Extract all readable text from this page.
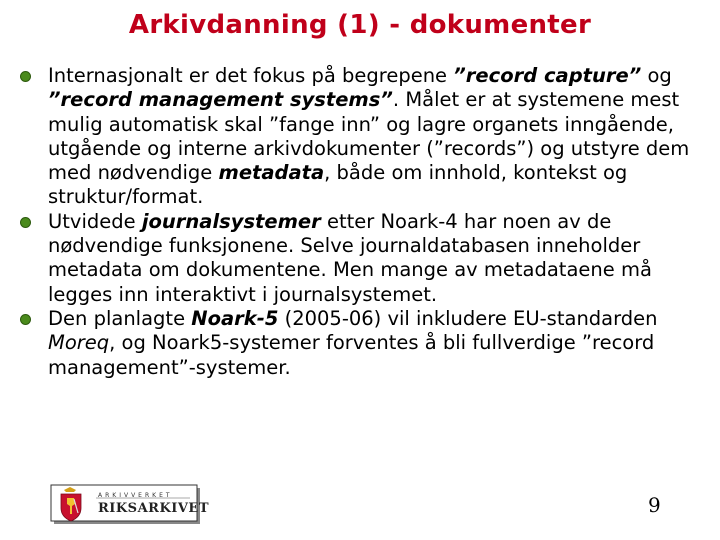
Arkivdanning (1) - dokumenter
Internasjonalt er det fokus på begrepene ”record capture” og ”record management systems”. Målet er at systemene mest mulig automatisk skal ”fange inn” og lagre organets inngående, utgående og interne arkivdokumenter (”records”) og utstyre dem med nødvendige metadata, både om innhold, kontekst og struktur/format.
Utvidede journalsystemer etter Noark-4 har noen av de nødvendige funksjonene. Selve journaldatabasen inneholder metadata om dokumentene. Men mange av metadataene må legges inn interaktivt i journalsystemet.
Den planlagte Noark-5 (2005-06) vil inkludere EU-standarden Moreq, og Noark5-systemer forventes å bli fullverdige ”record management”-systemer.
ARKIVVERKET
RIKSARKIVET	9
